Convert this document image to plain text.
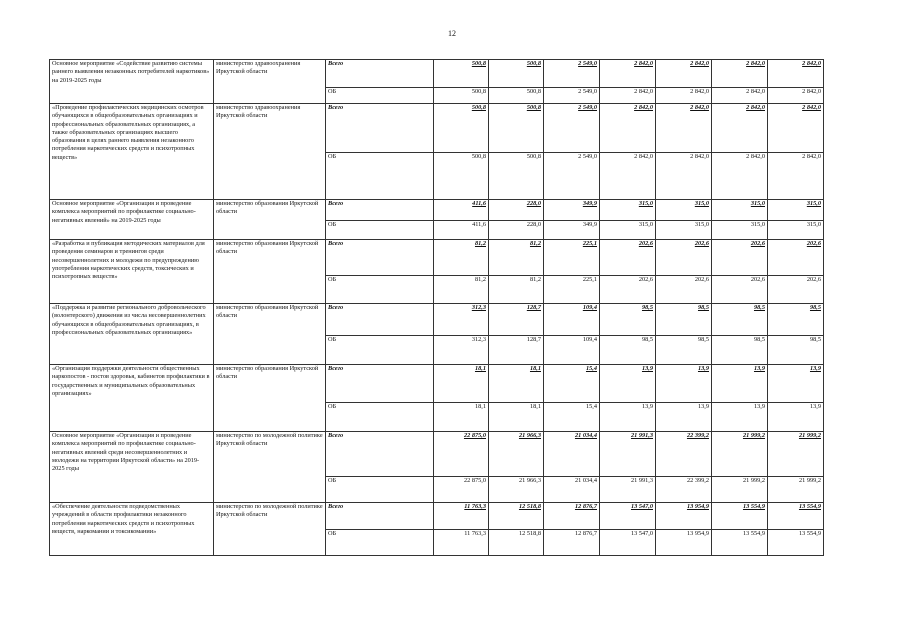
12
Основное мероприятие «Содействие развитию системы раннего выявления незаконных потребителей наркотиков» на 2019-2025 годы	министерство здравоохранения Иркутской области	Всего	500,8	500,8	2 549,0	2 842,0	2 842,0	2 842,0	2 842,0
		ОБ	500,8	500,8	2 549,0	2 842,0	2 842,0	2 842,0	2 842,0
«Проведение профилактических медицинских осмотров обучающихся в общеобразовательных организациях и профессиональных образовательных организациях, а также образовательных организациях высшего образования в целях раннего выявления незаконного потребления наркотических средств и психотропных веществ»	министерство здравоохранения Иркутской области	Всего	500,8	500,8	2 549,0	2 842,0	2 842,0	2 842,0	2 842,0
		ОБ	500,8	500,8	2 549,0	2 842,0	2 842,0	2 842,0	2 842,0
Основное мероприятие «Организация и проведение комплекса мероприятий по профилактике социально-негативных явлений» на 2019-2025 годы	министерство образования Иркутской области	Всего	411,6	228,0	349,9	315,0	315,0	315,0	315,0
		ОБ	411,6	228,0	349,9	315,0	315,0	315,0	315,0
«Разработка и публикация методических материалов для проведения семинаров и тренингов среди несовершеннолетних и молодежи по предупреждению употребления наркотических средств, токсических и психотропных веществ»	министерство образования Иркутской области	Всего	81,2	81,2	225,1	202,6	202,6	202,6	202,6
		ОБ	81,2	81,2	225,1	202,6	202,6	202,6	202,6
«Поддержка и развитие регионального добровольческого (волонтерского) движения из числа несовершеннолетних обучающихся в общеобразовательных организациях, в профессиональных образовательных организациях»	министерство образования Иркутской области	Всего	312,3	128,7	109,4	98,5	98,5	98,5	98,5
		ОБ	312,3	128,7	109,4	98,5	98,5	98,5	98,5
«Организация поддержки деятельности общественных наркопостов - постов здоровья, кабинетов профилактики в государственных и муниципальных образовательных организациях»	министерство образования Иркутской области	Всего	18,1	18,1	15,4	13,9	13,9	13,9	13,9
		ОБ	18,1	18,1	15,4	13,9	13,9	13,9	13,9
Основное мероприятие «Организация и проведение комплекса мероприятий по профилактике социально-негативных явлений среди несовершеннолетних и молодежи на территории Иркутской области» на 2019-2025 годы	министерство по молодежной политике Иркутской области	Всего	22 875,0	21 966,3	21 034,4	21 991,3	22 399,2	21 999,2	21 999,2
		ОБ	22 875,0	21 966,3	21 034,4	21 991,3	22 399,2	21 999,2	21 999,2
«Обеспечение деятельности подведомственных учреждений в области профилактики незаконного потребления наркотических средств и психотропных веществ, наркомании и токсикомании»	министерство по молодежной политике Иркутской области	Всего	11 763,3	12 518,8	12 876,7	13 547,0	13 954,9	13 554,9	13 554,9
		ОБ	11 763,3	12 518,8	12 876,7	13 547,0	13 954,9	13 554,9	13 554,9
